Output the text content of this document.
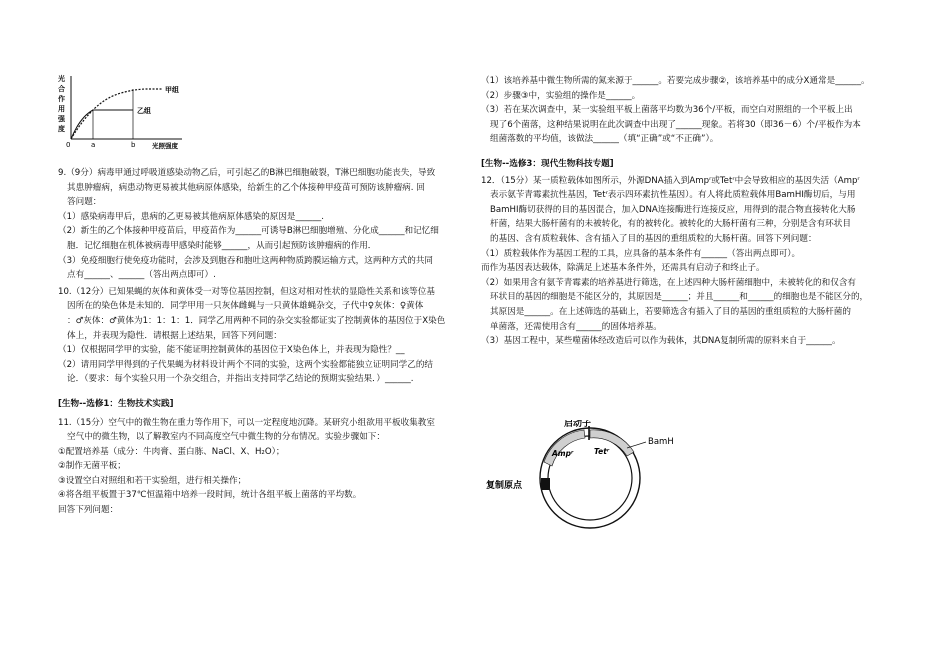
光
合
作
用
强
度
甲组
乙组
0	a	b	光照强度

9.（9分）病毒甲通过呼吸道感染动物乙后，可引起乙的B淋巴细胞破裂，T淋巴细胞功能丧失，导致

其患肿瘤病，病患动物更易被其他病原体感染，给新生的乙个体接种甲疫苗可预防该肿瘤病. 回

答问题：

（1）感染病毒甲后，患病的乙更易被其他病原体感染的原因是______.

（2）新生的乙个体接种甲疫苗后，甲疫苗作为______可诱导B淋巴细胞增殖、分化成______和记忆细

胞．记忆细胞在机体被病毒甲感染时能够______，从而引起预防该肿瘤病的作用．

（3）免疫细胞行使免疫功能时，会涉及到胞吞和胞吐这两种物质跨膜运输方式，这两种方式的共同

点有______、______（答出两点即可）.

10.（12分）已知果蝇的灰体和黄体受一对等位基因控制，但这对相对性状的显隐性关系和该等位基

因所在的染色体是未知的．同学甲用一只灰体雌蝇与一只黄体雄蝇杂交，子代中♀灰体：♀黄体

：♂灰体：♂黄体为1：1：1：1．同学乙用两种不同的杂交实验都证实了控制黄体的基因位于X染色

体上，并表现为隐性．请根据上述结果，回答下列问题：

（1）仅根据同学甲的实验，能不能证明控制黄体的基因位于X染色体上，并表现为隐性？__

（2）请用同学甲得到的子代果蝇为材料设计两个不同的实验，这两个实验都能独立证明同学乙的结

论．（要求：每个实验只用一个杂交组合，并指出支持同学乙结论的预期实验结果．）______.

[生物--选修1：生物技术实践]

11.（15分）空气中的微生物在重力等作用下，可以一定程度地沉降。某研究小组欲用平板收集教室

空气中的微生物，以了解教室内不同高度空气中微生物的分布情况。实验步骤如下：

①配置培养基（成分：牛肉膏、蛋白胨、NaCl、X、H₂O）；

②制作无菌平板；

③设置空白对照组和若干实验组，进行相关操作；

④将各组平板置于37℃恒温箱中培养一段时间，统计各组平板上菌落的平均数。

回答下列问题：

（1）该培养基中微生物所需的氮来源于______。若要完成步骤②，该培养基中的成分X通常是______。

（2）步骤③中，实验组的操作是______。

（3）若在某次调查中，某一实验组平板上菌落平均数为36个/平板，而空白对照组的一个平板上出

现了6个菌落，这种结果说明在此次调查中出现了______现象。若将30（即36－6）个/平板作为本

组菌落数的平均值，该做法______（填“正确”或“不正确”）。

[生物--选修3：现代生物科技专题]

12．（15分）某一质粒载体如图所示，外源DNA插入到Ampʳ或Tetʳ中会导致相应的基因失活（Ampʳ

表示氨苄青霉素抗性基因，Tetʳ表示四环素抗性基因）。有人将此质粒载体用BamHI酶切后，与用

BamHI酶切获得的目的基因混合，加入DNA连接酶进行连接反应，用得到的混合物直接转化大肠

杆菌，结果大肠杆菌有的未被转化，有的被转化。被转化的大肠杆菌有三种，分别是含有环状目

的基因、含有质粒载体、含有插入了目的基因的重组质粒的大肠杆菌。回答下列问题：

（1）质粒载体作为基因工程的工具，应具备的基本条件有______（答出两点即可）。

而作为基因表达载体，除满足上述基本条件外，还需具有启动子和终止子。

（2）如果用含有氨苄青霉素的培养基进行筛选，在上述四种大肠杆菌细胞中，未被转化的和仅含有

环状目的基因的细胞是不能区分的，其原因是______；并且______和______的细胞也是不能区分的，

其原因是______。在上述筛选的基础上，若要筛选含有插入了目的基因的重组质粒的大肠杆菌的

单菌落，还需使用含有______的固体培养基。

（3）基因工程中，某些噬菌体经改造后可以作为载体，其DNA复制所需的原料来自于______。

启动子
BamH
Ampʳ	Tetʳ
复制原点
